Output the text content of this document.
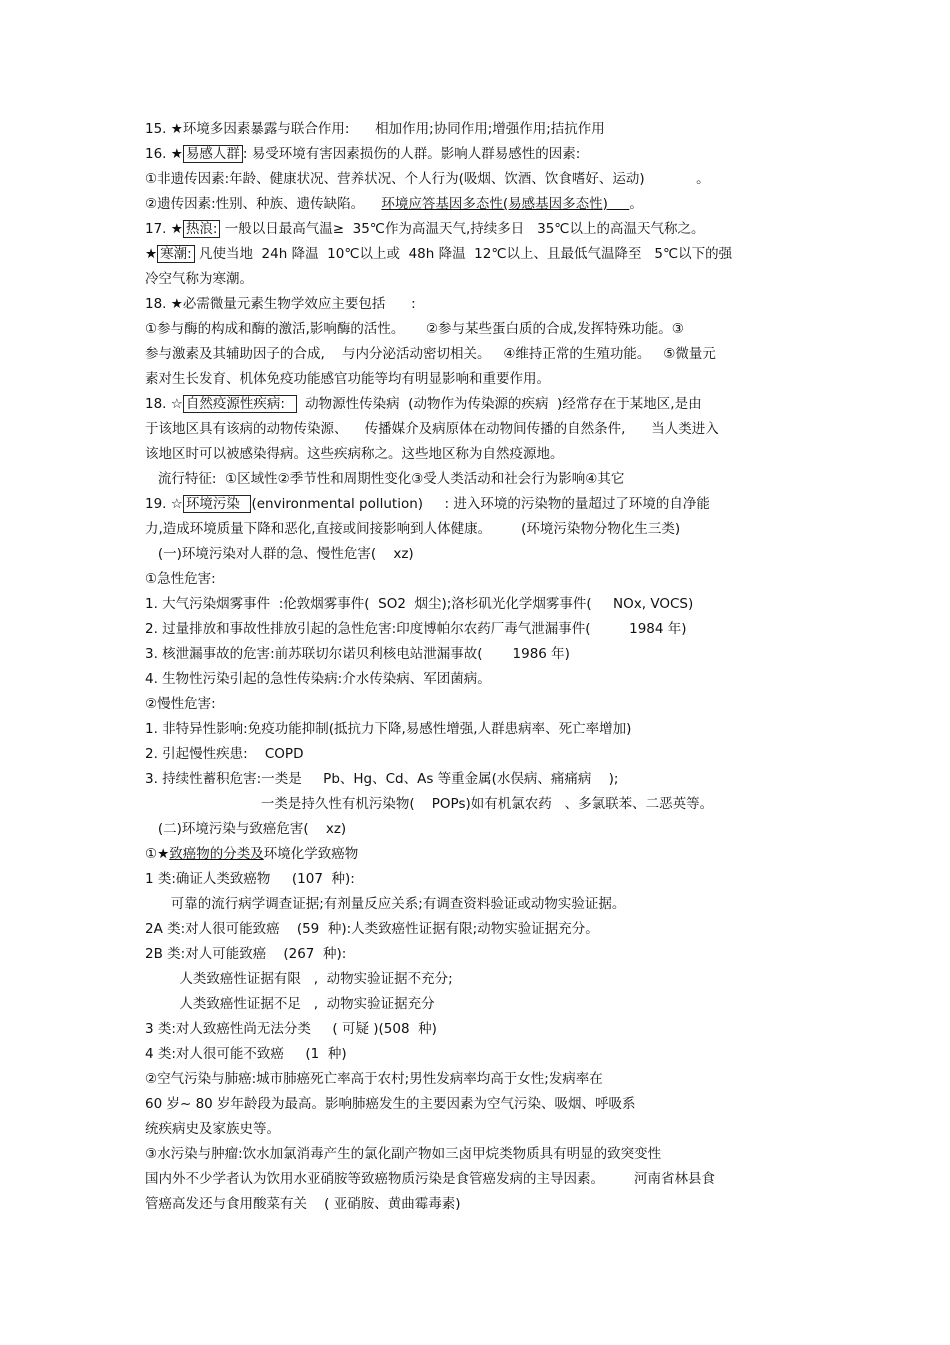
15. ★环境多因素暴露与联合作用:      相加作用;协同作用;增强作用;拮抗作用
16. ★ 易感人群 : 易受环境有害因素损伤的人群。影响人群易感性的因素:
①非遗传因素:年龄、健康状况、营养状况、个人行为(吸烟、饮酒、饮食嗜好、运动)            。
②遗传因素:性别、种族、遗传缺陷。    环境应答基因多态性(易感基因多态性)     。
17. ★ 热浪: 一般以日最高气温≥  35℃作为高温天气,持续多日   35℃以上的高温天气称之。
★ 寒潮: 凡使当地  24h 降温  10℃以上或  48h 降温  12℃以上、且最低气温降至   5℃以下的强
冷空气称为寒潮。
18. ★必需微量元素生物学效应主要包括      :
①参与酶的构成和酶的激活,影响酶的活性。     ②参与某些蛋白质的合成,发挥特殊功能。③
参与激素及其辅助因子的合成,    与内分泌活动密切相关。   ④维持正常的生殖功能。   ⑤微量元
素对生长发育、机体免疫功能感官功能等均有明显影响和重要作用。
18. ☆ 自然疫源性疾病:    动物源性传染病  (动物作为传染源的疾病  )经常存在于某地区,是由
于该地区具有该病的动物传染源、    传播媒介及病原体在动物间传播的自然条件,      当人类进入
该地区时可以被感染得病。这些疾病称之。这些地区称为自然疫源地。
流行特征:  ①区域性②季节性和周期性变化③受人类活动和社会行为影响④其它
19. ☆ 环境污染  (environmental pollution)     : 进入环境的污染物的量超过了环境的自净能
力,造成环境质量下降和恶化,直接或间接影响到人体健康。       (环境污染物分物化生三类)
(一)环境污染对人群的急、慢性危害(    xz)
①急性危害:
1. 大气污染烟雾事件  :伦敦烟雾事件(  SO2  烟尘);洛杉矶光化学烟雾事件(     NOx, VOCS)
2. 过量排放和事故性排放引起的急性危害:印度博帕尔农药厂毒气泄漏事件(         1984 年)
3. 核泄漏事故的危害:前苏联切尔诺贝利核电站泄漏事故(       1986 年)
4. 生物性污染引起的急性传染病:介水传染病、军团菌病。
②慢性危害:
1. 非特异性影响:免疫功能抑制(抵抗力下降,易感性增强,人群患病率、死亡率增加)
2. 引起慢性疾患:    COPD
3. 持续性蓄积危害:一类是     Pb、Hg、Cd、As 等重金属(水俣病、痛痛病    );
一类是持久性有机污染物(    POPs)如有机氯农药   、多氯联苯、二恶英等。
(二)环境污染与致癌危害(    xz)
①★致癌物的分类及环境化学致癌物
1 类:确证人类致癌物     (107  种):
可靠的流行病学调查证据;有剂量反应关系;有调查资料验证或动物实验证据。
2A 类:对人很可能致癌    (59  种):人类致癌性证据有限;动物实验证据充分。
2B 类:对人可能致癌    (267  种):
人类致癌性证据有限   ,  动物实验证据不充分;
人类致癌性证据不足   ,  动物实验证据充分
3 类:对人致癌性尚无法分类     ( 可疑 )(508  种)
4 类:对人很可能不致癌     (1  种)
②空气污染与肺癌:城市肺癌死亡率高于农村;男性发病率均高于女性;发病率在
60 岁~ 80 岁年龄段为最高。影响肺癌发生的主要因素为空气污染、吸烟、呼吸系
统疾病史及家族史等。
③水污染与肿瘤:饮水加氯消毒产生的氯化副产物如三卤甲烷类物质具有明显的致突变性
国内外不少学者认为饮用水亚硝胺等致癌物质污染是食管癌发病的主导因素。       河南省林县食
管癌高发还与食用酸菜有关    ( 亚硝胺、黄曲霉毒素)
